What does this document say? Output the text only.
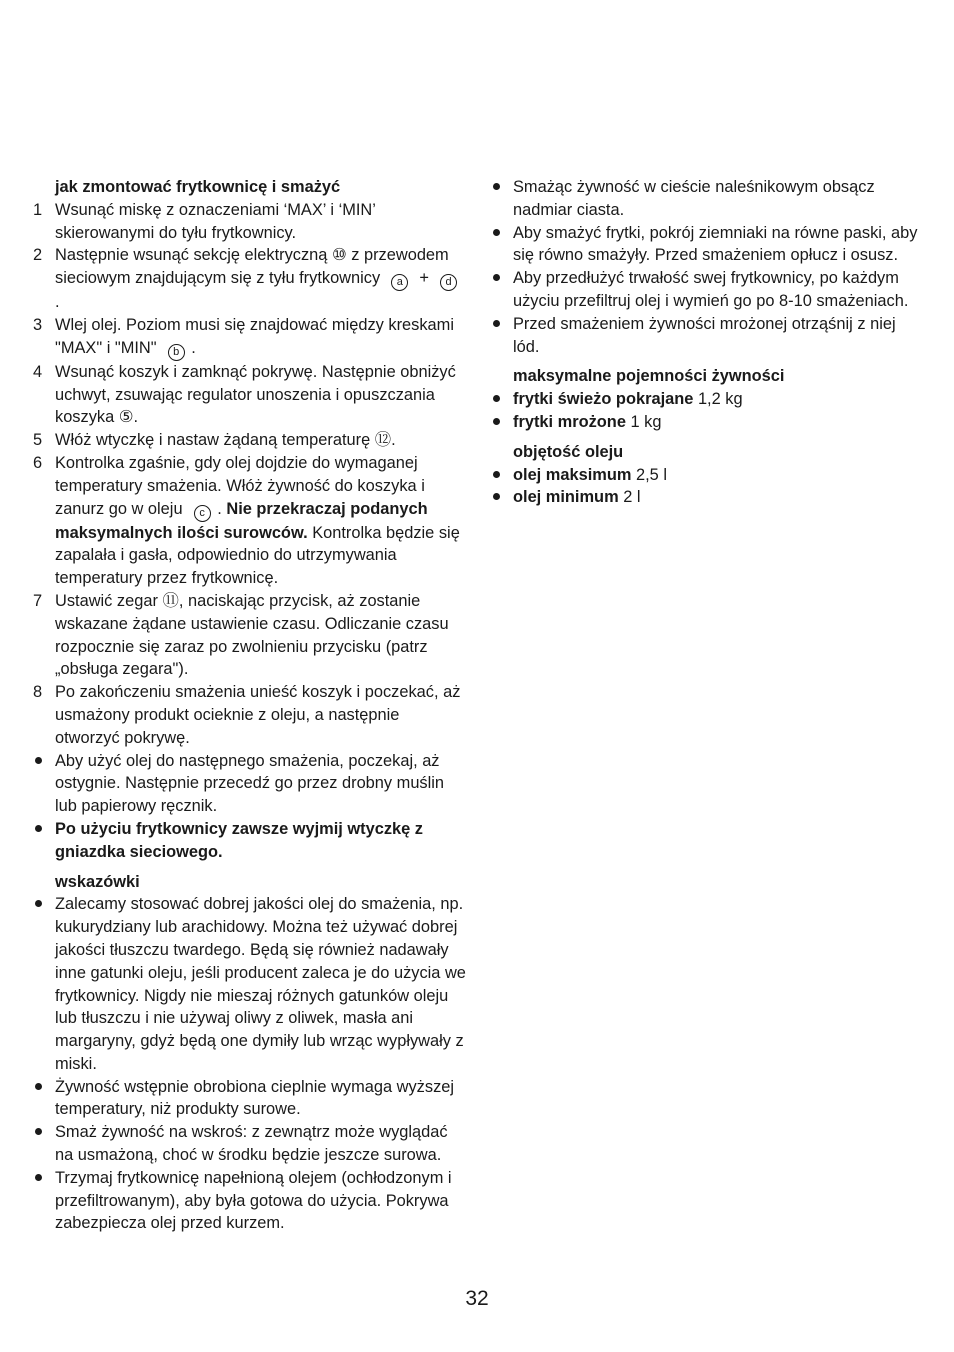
jak zmontować frytkownicę i smażyć
1 Wsunąć miskę z oznaczeniami ‘MAX’ i ‘MIN’ skierowanymi do tyłu frytkownicy.
2 Następnie wsunąć sekcję elektryczną ⑩ z przewodem sieciowym znajdującym się z tyłu frytkownicy a + d .
3 Wlej olej. Poziom musi się znajdować między kreskami "MAX" i "MIN" b .
4 Wsunąć koszyk i zamknąć pokrywę. Następnie obniżyć uchwyt, zsuwając regulator unoszenia i opuszczania koszyka ⑤.
5 Włóż wtyczkę i nastaw żądaną temperaturę ⑫.
6 Kontrolka zgaśnie, gdy olej dojdzie do wymaganej temperatury smażenia. Włóż żywność do koszyka i zanurz go w oleju c . Nie przekraczaj podanych maksymalnych ilości surowców. Kontrolka będzie się zapalała i gasła, odpowiednio do utrzymywania temperatury przez frytkownicę.
7 Ustawić zegar ⑪, naciskając przycisk, aż zostanie wskazane żądane ustawienie czasu. Odliczanie czasu rozpocznie się zaraz po zwolnieniu przycisku (patrz „obsługa zegara").
8 Po zakończeniu smażenia unieść koszyk i poczekać, aż usmażony produkt ocieknie z oleju, a następnie otworzyć pokrywę.
Aby użyć olej do następnego smażenia, poczekaj, aż ostygnie. Następnie przecedź go przez drobny muślin lub papierowy ręcznik.
Po użyciu frytkownicy zawsze wyjmij wtyczkę z gniazdka sieciowego.
wskazówki
Zalecamy stosować dobrej jakości olej do smażenia, np. kukurydziany lub arachidowy. Można też używać dobrej jakości tłuszczu twardego. Będą się również nadawały inne gatunki oleju, jeśli producent zaleca je do użycia we frytkownicy. Nigdy nie mieszaj różnych gatunków oleju lub tłuszczu i nie używaj oliwy z oliwek, masła ani margaryny, gdyż będą one dymiły lub wrząc wypływały z miski.
Żywność wstępnie obrobiona cieplnie wymaga wyższej temperatury, niż produkty surowe.
Smaż żywność na wskroś: z zewnątrz może wyglądać na usmażoną, choć w środku będzie jeszcze surowa.
Trzymaj frytkownicę napełnioną olejem (ochłodzonym i przefiltrowanym), aby była gotowa do użycia. Pokrywa zabezpiecza olej przed kurzem.
Smażąc żywność w cieście naleśnikowym obsącz nadmiar ciasta.
Aby smażyć frytki, pokrój ziemniaki na równe paski, aby się równo smażyły. Przed smażeniem opłucz i osusz.
Aby przedłużyć trwałość swej frytkownicy, po każdym użyciu przefiltruj olej i wymień go po 8-10 smażeniach.
Przed smażeniem żywności mrożonej otrząśnij z niej lód.
maksymalne pojemności żywności
frytki świeżo pokrajane 1,2 kg
frytki mrożone 1 kg
objętość oleju
olej maksimum 2,5 l
olej minimum 2 l
32
